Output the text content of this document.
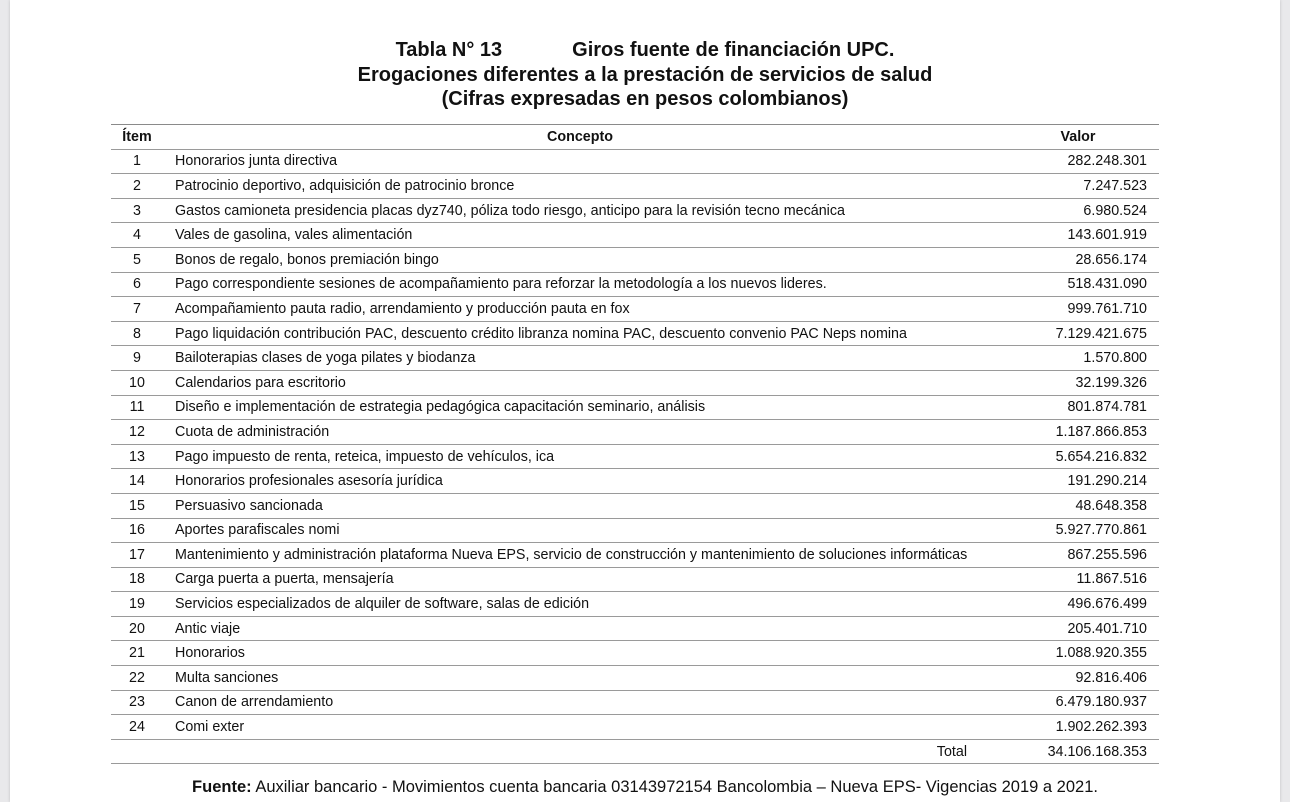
Tabla N° 13	Giros fuente de financiación UPC.
Erogaciones diferentes a la prestación de servicios de salud
(Cifras expresadas en pesos colombianos)
Ítem	Concepto	Valor
1	Honorarios junta directiva	282.248.301
2	Patrocinio deportivo, adquisición de patrocinio bronce	7.247.523
3	Gastos camioneta presidencia placas dyz740, póliza todo riesgo, anticipo para la revisión tecno mecánica	6.980.524
4	Vales de gasolina, vales alimentación	143.601.919
5	Bonos de regalo, bonos premiación bingo	28.656.174
6	Pago correspondiente sesiones de acompañamiento para reforzar la metodología a los nuevos lideres.	518.431.090
7	Acompañamiento pauta radio, arrendamiento y producción pauta en fox	999.761.710
8	Pago liquidación contribución PAC, descuento crédito libranza nomina PAC, descuento convenio PAC Neps nomina	7.129.421.675
9	Bailoterapias clases de yoga pilates y biodanza	1.570.800
10	Calendarios para escritorio	32.199.326
11	Diseño e implementación de estrategia pedagógica capacitación seminario, análisis	801.874.781
12	Cuota de administración	1.187.866.853
13	Pago impuesto de renta, reteica, impuesto de vehículos, ica	5.654.216.832
14	Honorarios profesionales asesoría jurídica	191.290.214
15	Persuasivo sancionada	48.648.358
16	Aportes parafiscales nomi	5.927.770.861
17	Mantenimiento y administración plataforma Nueva EPS, servicio de construcción y mantenimiento de soluciones informáticas	867.255.596
18	Carga puerta a puerta, mensajería	11.867.516
19	Servicios especializados de alquiler de software, salas de edición	496.676.499
20	Antic viaje	205.401.710
21	Honorarios	1.088.920.355
22	Multa sanciones	92.816.406
23	Canon de arrendamiento	6.479.180.937
24	Comi exter	1.902.262.393
	Total	34.106.168.353
Fuente: Auxiliar bancario - Movimientos cuenta bancaria 03143972154 Bancolombia – Nueva EPS- Vigencias 2019 a 2021.
